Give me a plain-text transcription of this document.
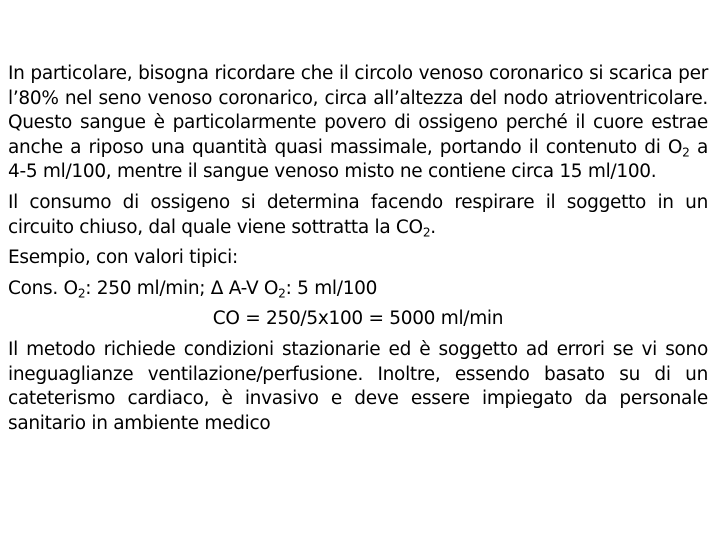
In particolare, bisogna ricordare che il circolo venoso coronarico si scarica per l’80% nel seno venoso coronarico, circa all’altezza del nodo atrioventricolare. Questo sangue è particolarmente povero di ossigeno perché il cuore estrae anche a riposo una quantità quasi massimale, portando il contenuto di $O_2$ a 4-5 ml/100, mentre il sangue venoso misto ne contiene circa 15 ml/100.

Il consumo di ossigeno si determina facendo respirare il soggetto in un circuito chiuso, dal quale viene sottratta la $CO_2$.

Esempio, con valori tipici:

Cons. $O_2$: 250 ml/min; Δ A-V $O_2$: 5 ml/100

CO = 250/5x100 = 5000 ml/min

Il metodo richiede condizioni stazionarie ed è soggetto ad errori se vi sono ineguaglianze ventilazione/perfusione. Inoltre, essendo basato su di un cateterismo cardiaco, è invasivo e deve essere impiegato da personale sanitario in ambiente medico
